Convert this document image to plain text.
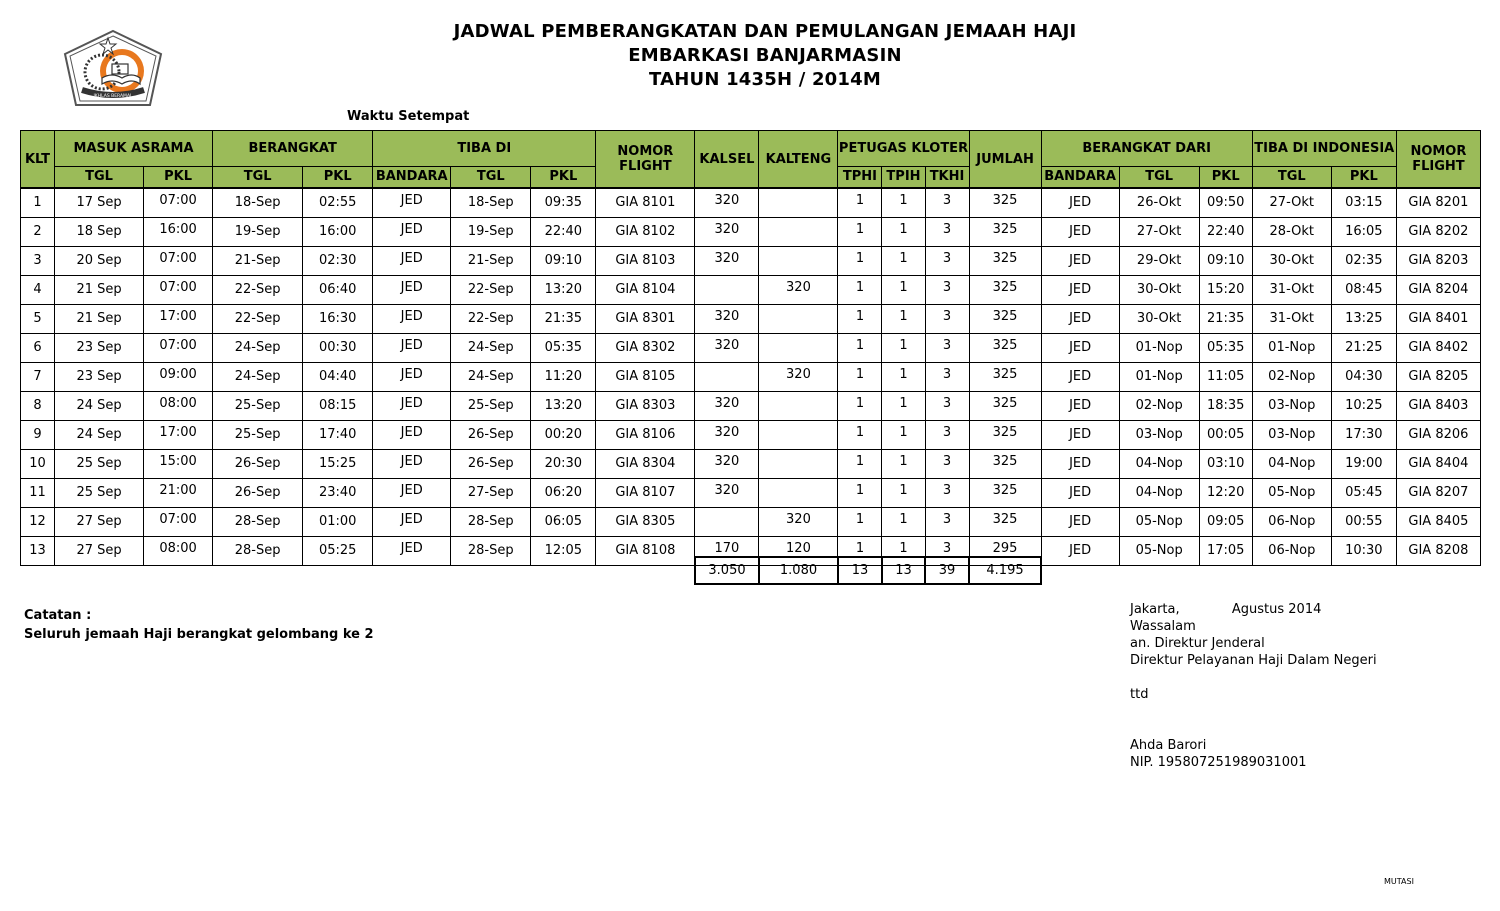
IKHLAS BERAMAL
JADWAL PEMBERANGKATAN DAN PEMULANGAN JEMAAH HAJI
EMBARKASI BANJARMASIN
TAHUN 1435H / 2014M
Waktu Setempat
KLT	MASUK ASRAMA		BERANGKAT		TIBA DI			NOMOR FLIGHT	KALSEL	KALTENG	PETUGAS KLOTER			JUMLAH	BERANGKAT DARI			TIBA DI INDONESIA		NOMOR FLIGHT
	TGL	PKL	TGL	PKL	BANDARA	TGL	PKL				TPHI	TPIH	TKHI		BANDARA	TGL	PKL	TGL	PKL	
1	17 Sep	07:00	18-Sep	02:55	JED	18-Sep	09:35	GIA 8101	320		1	1	3	325	JED	26-Okt	09:50	27-Okt	03:15	GIA 8201
2	18 Sep	16:00	19-Sep	16:00	JED	19-Sep	22:40	GIA 8102	320		1	1	3	325	JED	27-Okt	22:40	28-Okt	16:05	GIA 8202
3	20 Sep	07:00	21-Sep	02:30	JED	21-Sep	09:10	GIA 8103	320		1	1	3	325	JED	29-Okt	09:10	30-Okt	02:35	GIA 8203
4	21 Sep	07:00	22-Sep	06:40	JED	22-Sep	13:20	GIA 8104		320	1	1	3	325	JED	30-Okt	15:20	31-Okt	08:45	GIA 8204
5	21 Sep	17:00	22-Sep	16:30	JED	22-Sep	21:35	GIA 8301	320		1	1	3	325	JED	30-Okt	21:35	31-Okt	13:25	GIA 8401
6	23 Sep	07:00	24-Sep	00:30	JED	24-Sep	05:35	GIA 8302	320		1	1	3	325	JED	01-Nop	05:35	01-Nop	21:25	GIA 8402
7	23 Sep	09:00	24-Sep	04:40	JED	24-Sep	11:20	GIA 8105		320	1	1	3	325	JED	01-Nop	11:05	02-Nop	04:30	GIA 8205
8	24 Sep	08:00	25-Sep	08:15	JED	25-Sep	13:20	GIA 8303	320		1	1	3	325	JED	02-Nop	18:35	03-Nop	10:25	GIA 8403
9	24 Sep	17:00	25-Sep	17:40	JED	26-Sep	00:20	GIA 8106	320		1	1	3	325	JED	03-Nop	00:05	03-Nop	17:30	GIA 8206
10	25 Sep	15:00	26-Sep	15:25	JED	26-Sep	20:30	GIA 8304	320		1	1	3	325	JED	04-Nop	03:10	04-Nop	19:00	GIA 8404
11	25 Sep	21:00	26-Sep	23:40	JED	27-Sep	06:20	GIA 8107	320		1	1	3	325	JED	04-Nop	12:20	05-Nop	05:45	GIA 8207
12	27 Sep	07:00	28-Sep	01:00	JED	28-Sep	06:05	GIA 8305		320	1	1	3	325	JED	05-Nop	09:05	06-Nop	00:55	GIA 8405
13	27 Sep	08:00	28-Sep	05:25	JED	28-Sep	12:05	GIA 8108	170	120	1	1	3	295	JED	05-Nop	17:05	06-Nop	10:30	GIA 8208
3.050	1.080	13	13	39	4.195
Catatan :
Seluruh jemaah Haji berangkat gelombang ke 2
Jakarta,	Agustus 2014
Wassalam
an. Direktur Jenderal
Direktur Pelayanan Haji Dalam Negeri
ttd
Ahda Barori
NIP. 195807251989031001
MUTASI
